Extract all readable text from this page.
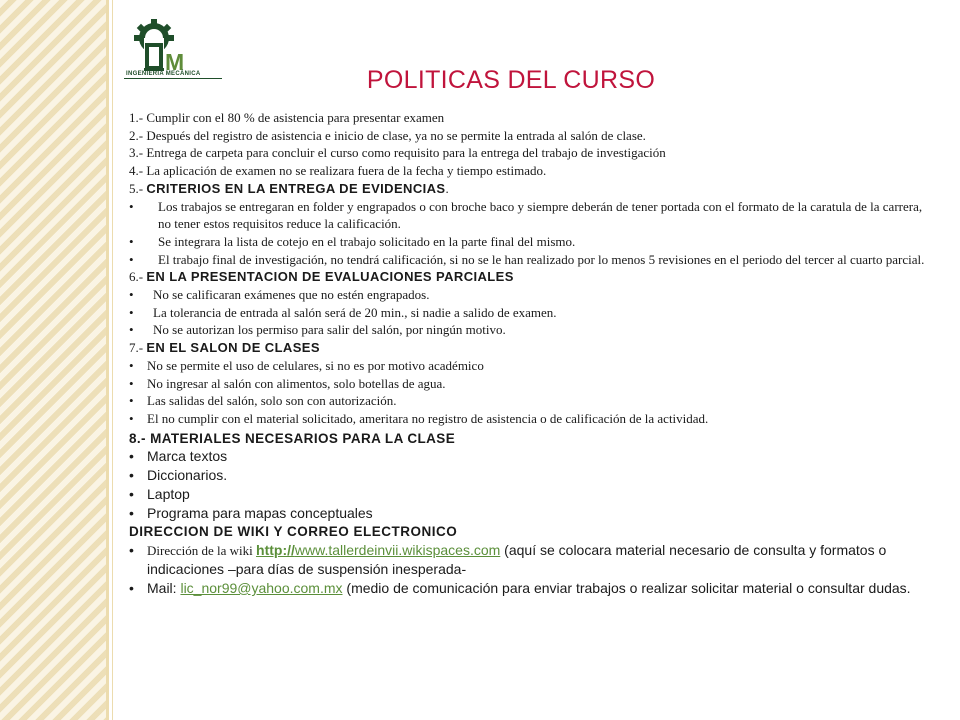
M
INGENIERÍA MECÁNICA	POLITICAS DEL CURSO
1.- Cumplir con el 80 % de asistencia para presentar examen
2.- Después del registro de asistencia e inicio de clase, ya no se permite la entrada al salón de clase.
3.- Entrega de carpeta para concluir el curso como requisito para la entrega del trabajo de investigación
4.- La aplicación de examen no se realizara fuera de la fecha y tiempo estimado.
5.- CRITERIOS EN LA ENTREGA DE EVIDENCIAS.
• Los trabajos se entregaran en folder y engrapados o con broche baco y siempre deberán de tener portada con el formato de la caratula de la carrera, no tener estos requisitos reduce la calificación.
• Se integrara la lista de cotejo en el trabajo solicitado en la parte final del mismo.
• El trabajo final de investigación, no tendrá calificación, si no se le han realizado por lo menos 5 revisiones en el periodo del tercer al cuarto parcial.
6.- EN LA PRESENTACION DE EVALUACIONES PARCIALES
• No se calificaran exámenes que no estén engrapados.
• La tolerancia de entrada al salón será de 20 min., si nadie a salido de examen.
• No se autorizan los permiso para salir del salón, por ningún motivo.
7.- EN EL SALON DE CLASES
• No se permite el uso de celulares, si no es por motivo académico
• No ingresar al salón con alimentos, solo botellas de agua.
• Las salidas del salón, solo son con autorización.
• El no cumplir con el material solicitado, ameritara no registro de asistencia o de calificación de la actividad.
8.- MATERIALES NECESARIOS PARA LA CLASE
• Marca textos
• Diccionarios.
• Laptop
• Programa para mapas conceptuales
DIRECCION DE WIKI Y CORREO ELECTRONICO
• Dirección de la wiki http://www.tallerdeinvii.wikispaces.com (aquí se colocara material necesario de consulta y formatos o indicaciones –para días de suspensión inesperada-
• Mail: lic_nor99@yahoo.com.mx (medio de comunicación para enviar trabajos o realizar solicitar material o consultar dudas.
